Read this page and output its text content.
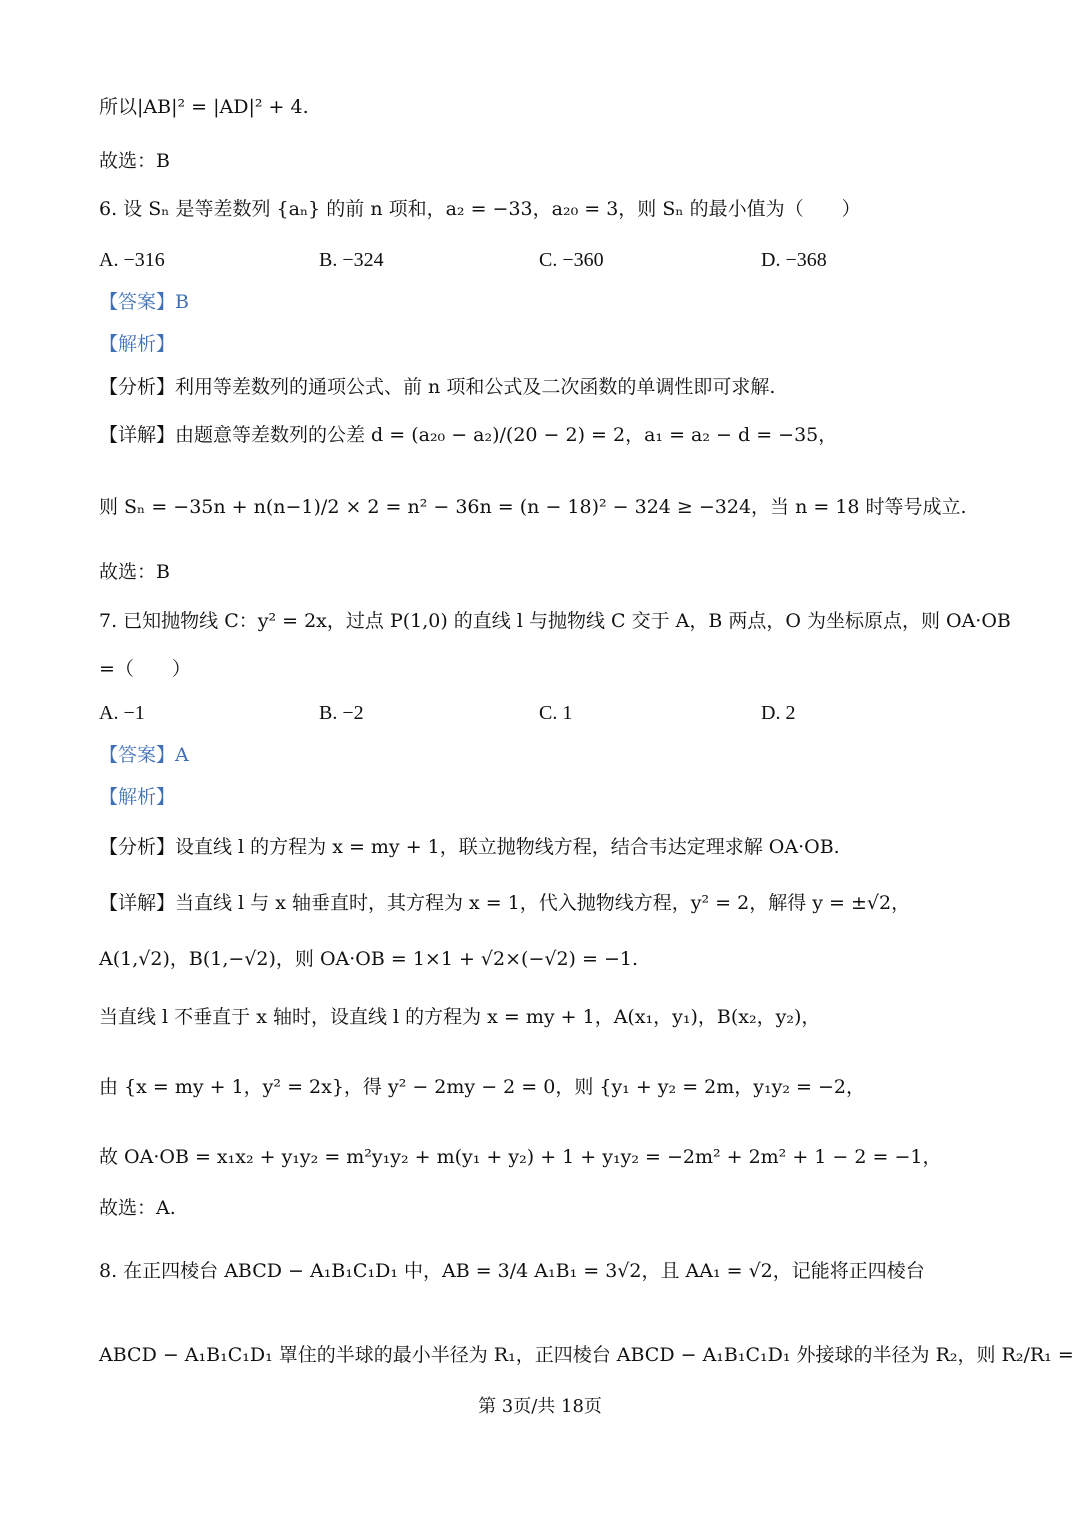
所以|AB|² = |AD|² + 4.
故选：B
6. 设 Sₙ 是等差数列 {aₙ} 的前 n 项和，a₂ = −33，a₂₀ = 3，则 Sₙ 的最小值为（　　）
A. −316	B. −324	C. −360	D. −368
【答案】B
【解析】
【分析】利用等差数列的通项公式、前 n 项和公式及二次函数的单调性即可求解.
【详解】由题意等差数列的公差 d = (a₂₀ − a₂)/(20 − 2) = 2，a₁ = a₂ − d = −35，
则 Sₙ = −35n + n(n−1)/2 × 2 = n² − 36n = (n − 18)² − 324 ≥ −324，当 n = 18 时等号成立.
故选：B
7. 已知抛物线 C：y² = 2x，过点 P(1,0) 的直线 l 与抛物线 C 交于 A，B 两点，O 为坐标原点，则 OA·OB
=（　　）
A. −1	B. −2	C. 1	D. 2
【答案】A
【解析】
【分析】设直线 l 的方程为 x = my + 1，联立抛物线方程，结合韦达定理求解 OA·OB.
【详解】当直线 l 与 x 轴垂直时，其方程为 x = 1，代入抛物线方程，y² = 2，解得 y = ±√2，
A(1,√2)，B(1,−√2)，则 OA·OB = 1×1 + √2×(−√2) = −1.
当直线 l 不垂直于 x 轴时，设直线 l 的方程为 x = my + 1，A(x₁，y₁)，B(x₂，y₂)，
由 {x = my + 1，y² = 2x}，得 y² − 2my − 2 = 0，则 {y₁ + y₂ = 2m，y₁y₂ = −2，
故 OA·OB = x₁x₂ + y₁y₂ = m²y₁y₂ + m(y₁ + y₂) + 1 + y₁y₂ = −2m² + 2m² + 1 − 2 = −1，
故选：A.
8. 在正四棱台 ABCD − A₁B₁C₁D₁ 中，AB = 3/4 A₁B₁ = 3√2，且 AA₁ = √2，记能将正四棱台
ABCD − A₁B₁C₁D₁ 罩住的半球的最小半径为 R₁，正四棱台 ABCD − A₁B₁C₁D₁ 外接球的半径为 R₂，则 R₂/R₁ =
第 3页/共 18页
